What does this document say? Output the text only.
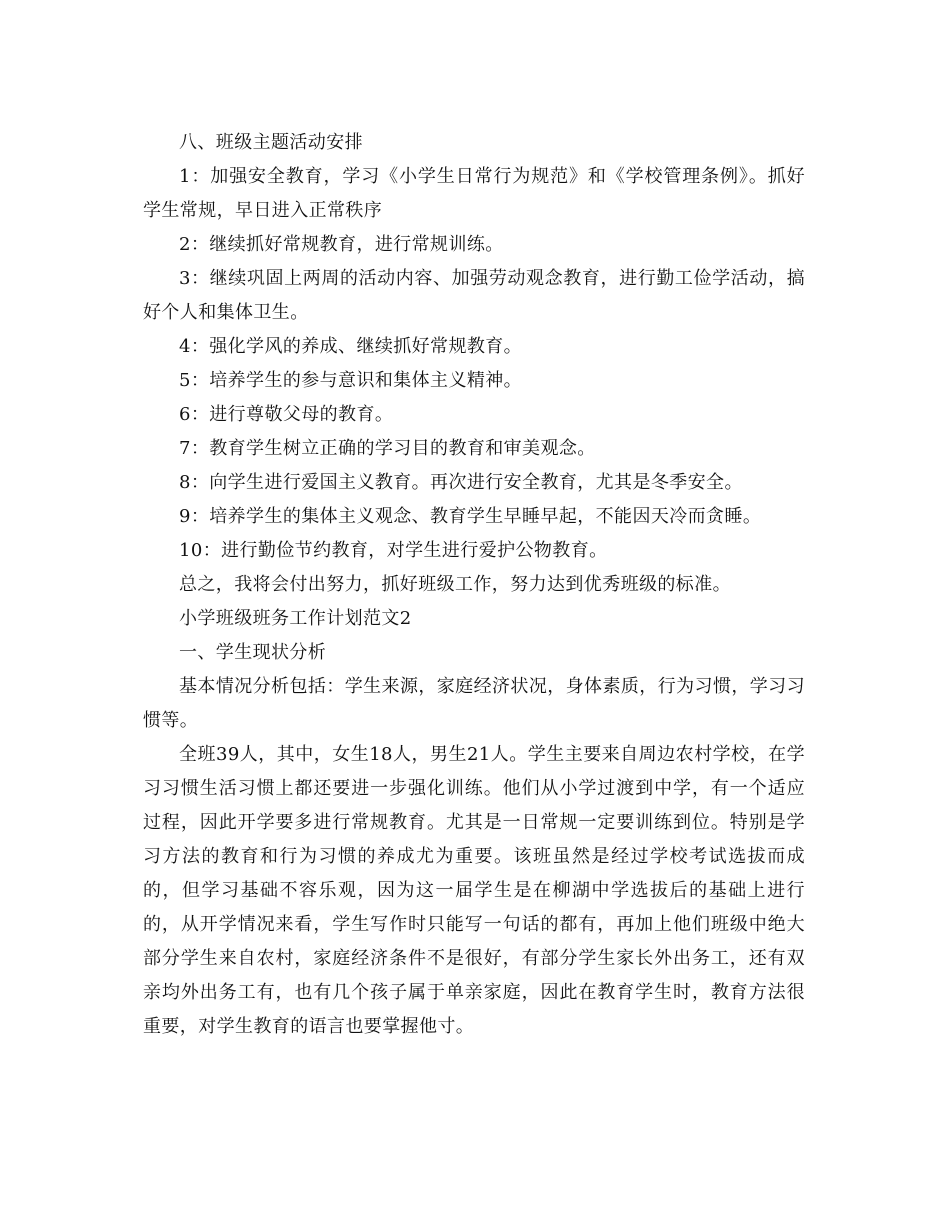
八、班级主题活动安排

1：加强安全教育，学习《小学生日常行为规范》和《学校管理条例》。抓好学生常规，早日进入正常秩序

2：继续抓好常规教育，进行常规训练。

3：继续巩固上两周的活动内容、加强劳动观念教育，进行勤工俭学活动，搞好个人和集体卫生。

4：强化学风的养成、继续抓好常规教育。

5：培养学生的参与意识和集体主义精神。

6：进行尊敬父母的教育。

7：教育学生树立正确的学习目的教育和审美观念。

8：向学生进行爱国主义教育。再次进行安全教育，尤其是冬季安全。

9：培养学生的集体主义观念、教育学生早睡早起，不能因天冷而贪睡。

10：进行勤俭节约教育，对学生进行爱护公物教育。

总之，我将会付出努力，抓好班级工作，努力达到优秀班级的标准。

小学班级班务工作计划范文2

一、学生现状分析

基本情况分析包括：学生来源，家庭经济状况，身体素质，行为习惯，学习习惯等。

全班39人，其中，女生18人，男生21人。学生主要来自周边农村学校，在学习习惯生活习惯上都还要进一步强化训练。他们从小学过渡到中学，有一个适应过程，因此开学要多进行常规教育。尤其是一日常规一定要训练到位。特别是学习方法的教育和行为习惯的养成尤为重要。该班虽然是经过学校考试选拔而成的，但学习基础不容乐观，因为这一届学生是在柳湖中学选拔后的基础上进行的，从开学情况来看，学生写作时只能写一句话的都有，再加上他们班级中绝大部分学生来自农村，家庭经济条件不是很好，有部分学生家长外出务工，还有双亲均外出务工有，也有几个孩子属于单亲家庭，因此在教育学生时，教育方法很重要，对学生教育的语言也要掌握他寸。
